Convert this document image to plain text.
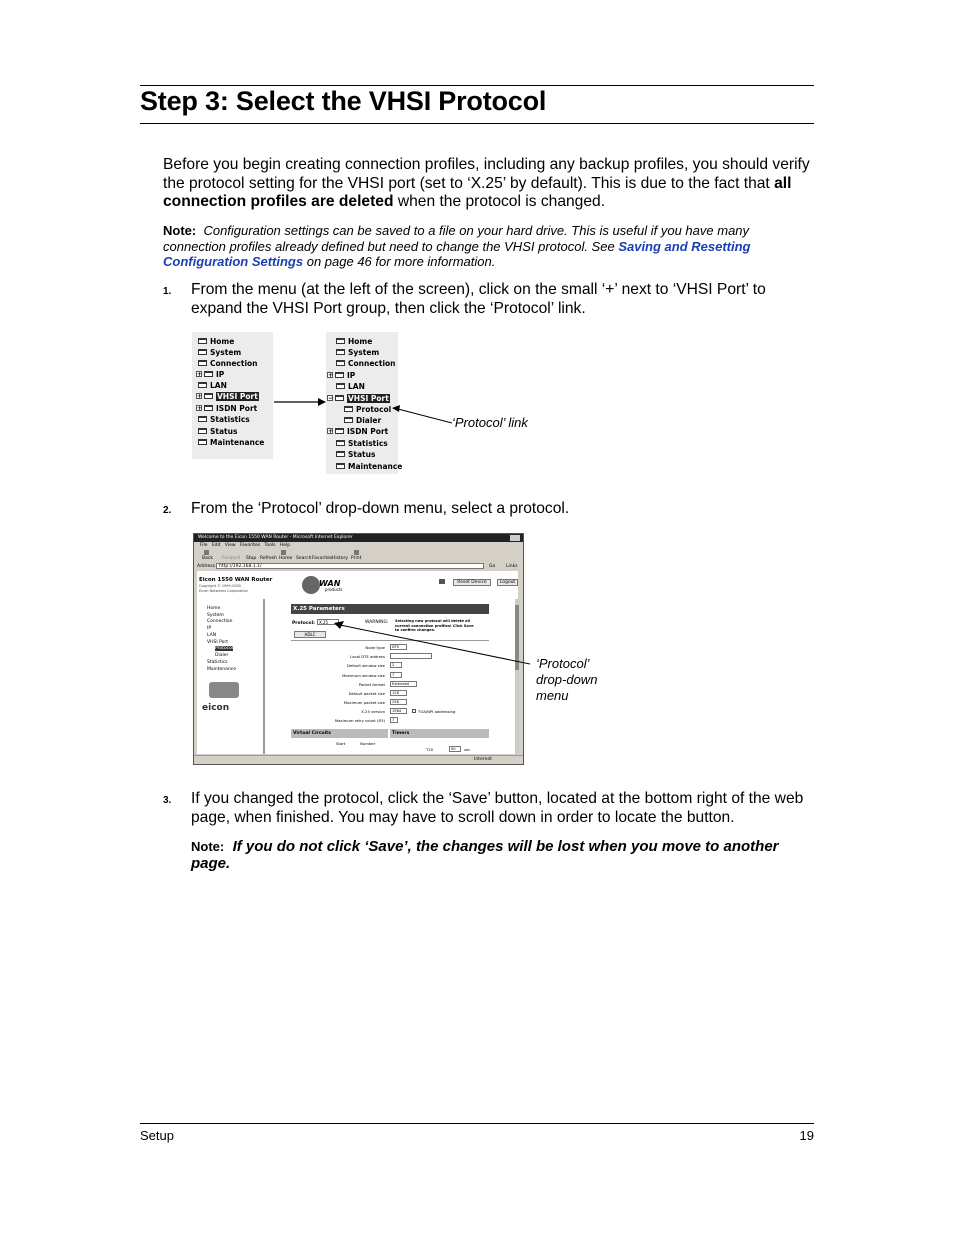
Step 3: Select the VHSI Protocol
Before you begin creating connection profiles, including any backup profiles, you should verify the protocol setting for the VHSI port (set to ‘X.25’ by default). This is due to the fact that all connection profiles are deleted when the protocol is changed.
Note: Configuration settings can be saved to a file on your hard drive. This is useful if you have many connection profiles already defined but need to change the VHSI protocol. See Saving and Resetting Configuration Settings on page 46 for more information.
1. From the menu (at the left of the screen), click on the small ‘+’ next to ‘VHSI Port’ to expand the VHSI Port group, then click the ‘Protocol’ link.
Home
System
Connection
+ IP
LAN
+ VHSI Port
+ ISDN Port
Statistics
Status
Maintenance
Home
System
Connection
+ IP
LAN
− VHSI Port
Protocol
Dialer
+ ISDN Port
Statistics
Status
Maintenance
‘Protocol’ link
2. From the ‘Protocol’ drop-down menu, select a protocol.
Welcome to the Eicon 1550 WAN Router - Microsoft Internet Explorer
File Edit View Favorites Tools Help
Back Forward Stop Refresh Home Search Favorites History Print
Address http://192.168.1.1/	Go Links
Eicon 1550 WAN Router
Copyright © 1999-2000
Eicon Networks Corporation
WAN
products
Reset Device	Logout
Home
System
Connection
IP
LAN
VHSI Port
Protocol
Dialer
Statistics
Maintenance
eicon
X.25 Parameters
Protocol:	X.25
HDLC
WARNING: Selecting new protocol will delete all current connection profiles! Click Save to confirm changes.
Node type	DTE
Local DTE address
Default window size	2
Maximum window size	7
Packet format	Extended
Default packet size	128
Maximum packet size	256
X.25 version	1984	TOA/NPI addressing
Maximum retry count (R3)	7
Virtual Circuits	Timers
Start	Number
T20	90	sec
Internet
‘Protocol’
drop-down
menu
3. If you changed the protocol, click the ‘Save’ button, located at the bottom right of the web page, when finished. You may have to scroll down in order to locate the button.
Note: If you do not click ‘Save’, the changes will be lost when you move to another page.
Setup	19
